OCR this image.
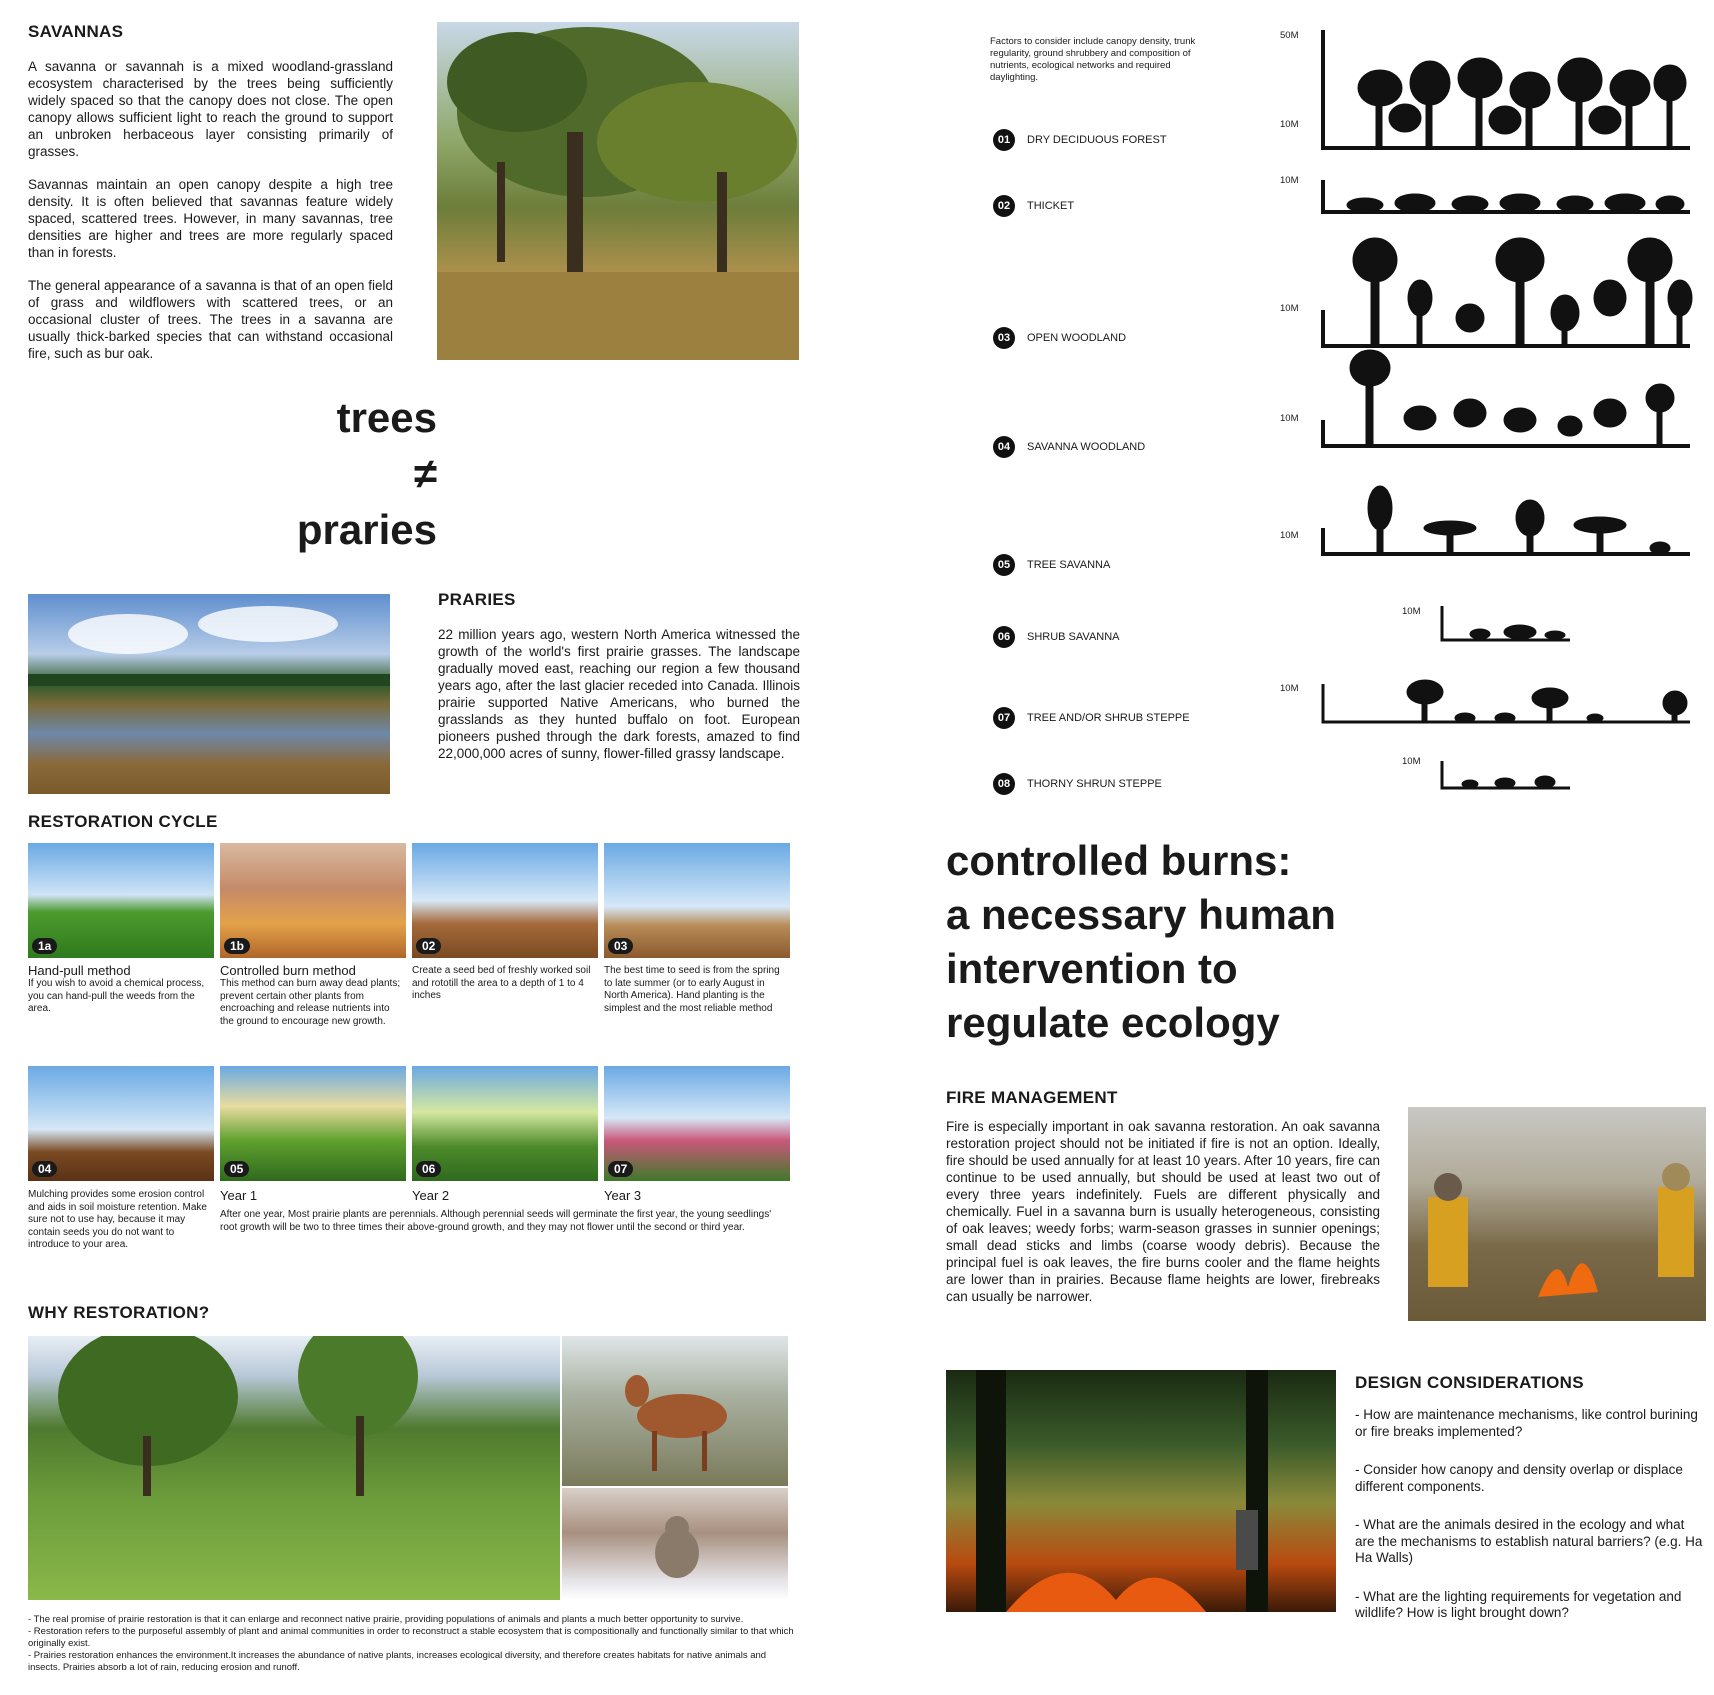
SAVANNAS

A savanna or savannah is a mixed woodland-grassland ecosystem characterised by the trees being sufficiently widely spaced so that the canopy does not close. The open canopy allows sufficient light to reach the ground to support an unbroken herbaceous layer consisting primarily of grasses.

Savannas maintain an open canopy despite a high tree density. It is often believed that savannas feature widely spaced, scattered trees. However, in many savannas, tree densities are higher and trees are more regularly spaced than in forests.

The general appearance of a savanna is that of an open field of grass and wildflowers with scattered trees, or an occasional cluster of trees. The trees in a savanna are usually thick-barked species that can withstand occasional fire, such as bur oak.

trees
≠
praries
PRARIES

22 million years ago, western North America witnessed the growth of the world's first prairie grasses. The landscape gradually moved east, reaching our region a few thousand years ago, after the last glacier receded into Canada. Illinois prairie supported Native Americans, who burned the grasslands as they hunted buffalo on foot. European pioneers pushed through the dark forests, amazed to find 22,000,000 acres of sunny, flower-filled grassy landscape.

RESTORATION CYCLE
1a	1b	02	03
Hand-pull method
If you wish to avoid a chemical process, you can hand-pull the weeds from the area.
Controlled burn method
This method can burn away dead plants; prevent certain other plants from encroaching and release nutrients into the ground to encourage new growth.
Create a seed bed of freshly worked soil and rototill the area to a depth of 1 to 4 inches
The best time to seed is from the spring to late summer (or to early August in North America). Hand planting is the simplest and the most reliable method
04	05	06	07
Mulching provides some erosion control and aids in soil moisture retention. Make sure not to use hay, because it may contain seeds you do not want to introduce to your area.
Year 1	Year 2	Year 3
After one year, Most prairie plants are perennials. Although perennial seeds will germinate the first year, the young seedlings' root growth will be two to three times their above-ground growth, and they may not flower until the second or third year.
WHY RESTORATION?
- The real promise of prairie restoration is that it can enlarge and reconnect native prairie, providing populations of animals and plants a much better opportunity to survive.
- Restoration refers to the purposeful assembly of plant and animal communities in order to reconstruct a stable ecosystem that is compositionally and functionally similar to that which originally exist.
- Prairies restoration enhances the environment.It increases the abundance of native plants, increases ecological diversity, and therefore creates habitats for native animals and insects. Prairies absorb a lot of rain, reducing erosion and runoff.
Factors to consider include canopy density, trunk regularity, ground shrubbery and composition of nutrients, ecological networks and required daylighting.
01	DRY DECIDUOUS FOREST
02	THICKET
03	OPEN WOODLAND
04	SAVANNA WOODLAND
05	TREE SAVANNA
06	SHRUB SAVANNA
07	TREE AND/OR SHRUB STEPPE
08	THORNY SHRUN STEPPE
50M
10M
10M
10M
10M
10M
10M
10M
10M
controlled burns:
a necessary human
intervention to
regulate ecology
FIRE MANAGEMENT

Fire is especially important in oak savanna restoration. An oak savanna restoration project should not be initiated if fire is not an option. Ideally, fire should be used annually for at least 10 years. After 10 years, fire can continue to be used annually, but should be used at least two out of every three years indefinitely. Fuels are different physically and chemically. Fuel in a savanna burn is usually heterogeneous, consisting of oak leaves; weedy forbs; warm-season grasses in sunnier openings; small dead sticks and limbs (coarse woody debris). Because the principal fuel is oak leaves, the fire burns cooler and the flame heights are lower than in prairies. Because flame heights are lower, firebreaks can usually be narrower.

DESIGN CONSIDERATIONS

- How are maintenance mechanisms, like control burining or fire breaks implemented?

- Consider how canopy and density overlap or displace different components.

- What are the animals desired in the ecology and what are the mechanisms to establish natural barriers? (e.g. Ha Ha Walls)

- What are the lighting requirements for vegetation and wildlife? How is light brought down?
